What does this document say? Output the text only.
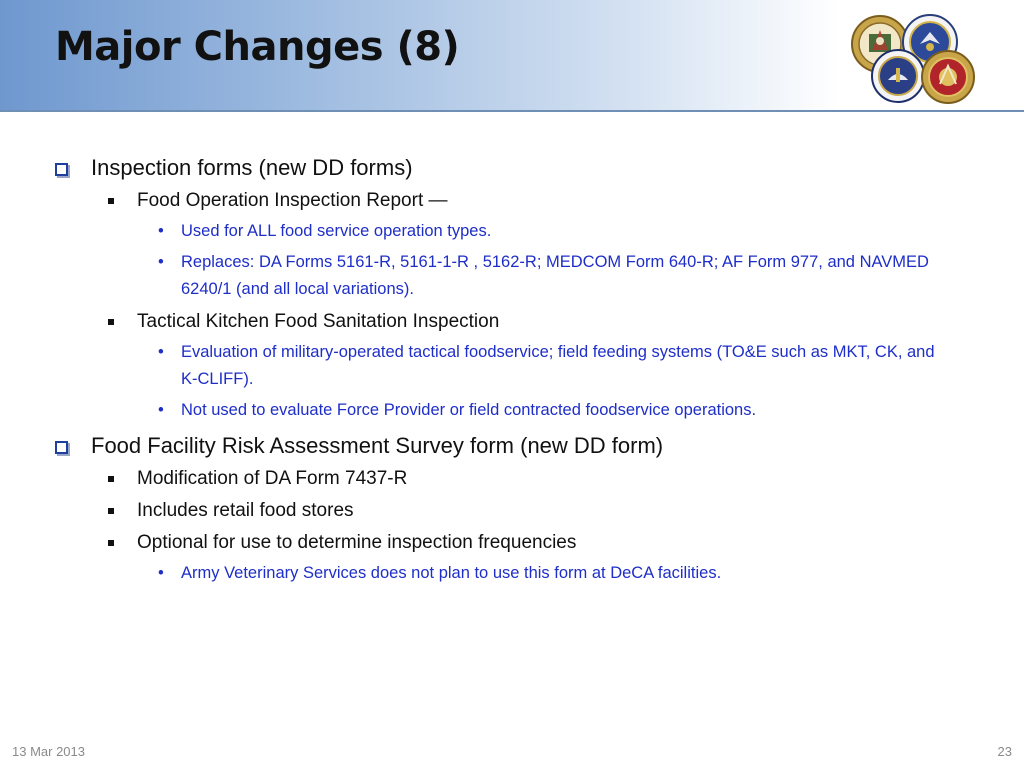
Major Changes (8)
Inspection forms (new DD forms)
Food Operation Inspection Report —
• Used for ALL food service operation types.
• Replaces: DA Forms 5161-R, 5161-1-R , 5162-R; MEDCOM Form 640-R; AF Form 977, and NAVMED 6240/1 (and all local variations).
Tactical Kitchen Food Sanitation Inspection
• Evaluation of military-operated tactical foodservice; field feeding systems (TO&E such as MKT, CK, and K-CLIFF).
• Not used to evaluate Force Provider or field contracted foodservice operations.
Food Facility Risk Assessment Survey form (new DD form)
Modification of DA Form 7437-R
Includes retail food stores
Optional for use to determine inspection frequencies
• Army Veterinary Services does not plan to use this form at DeCA facilities.
13 Mar 2013	23
